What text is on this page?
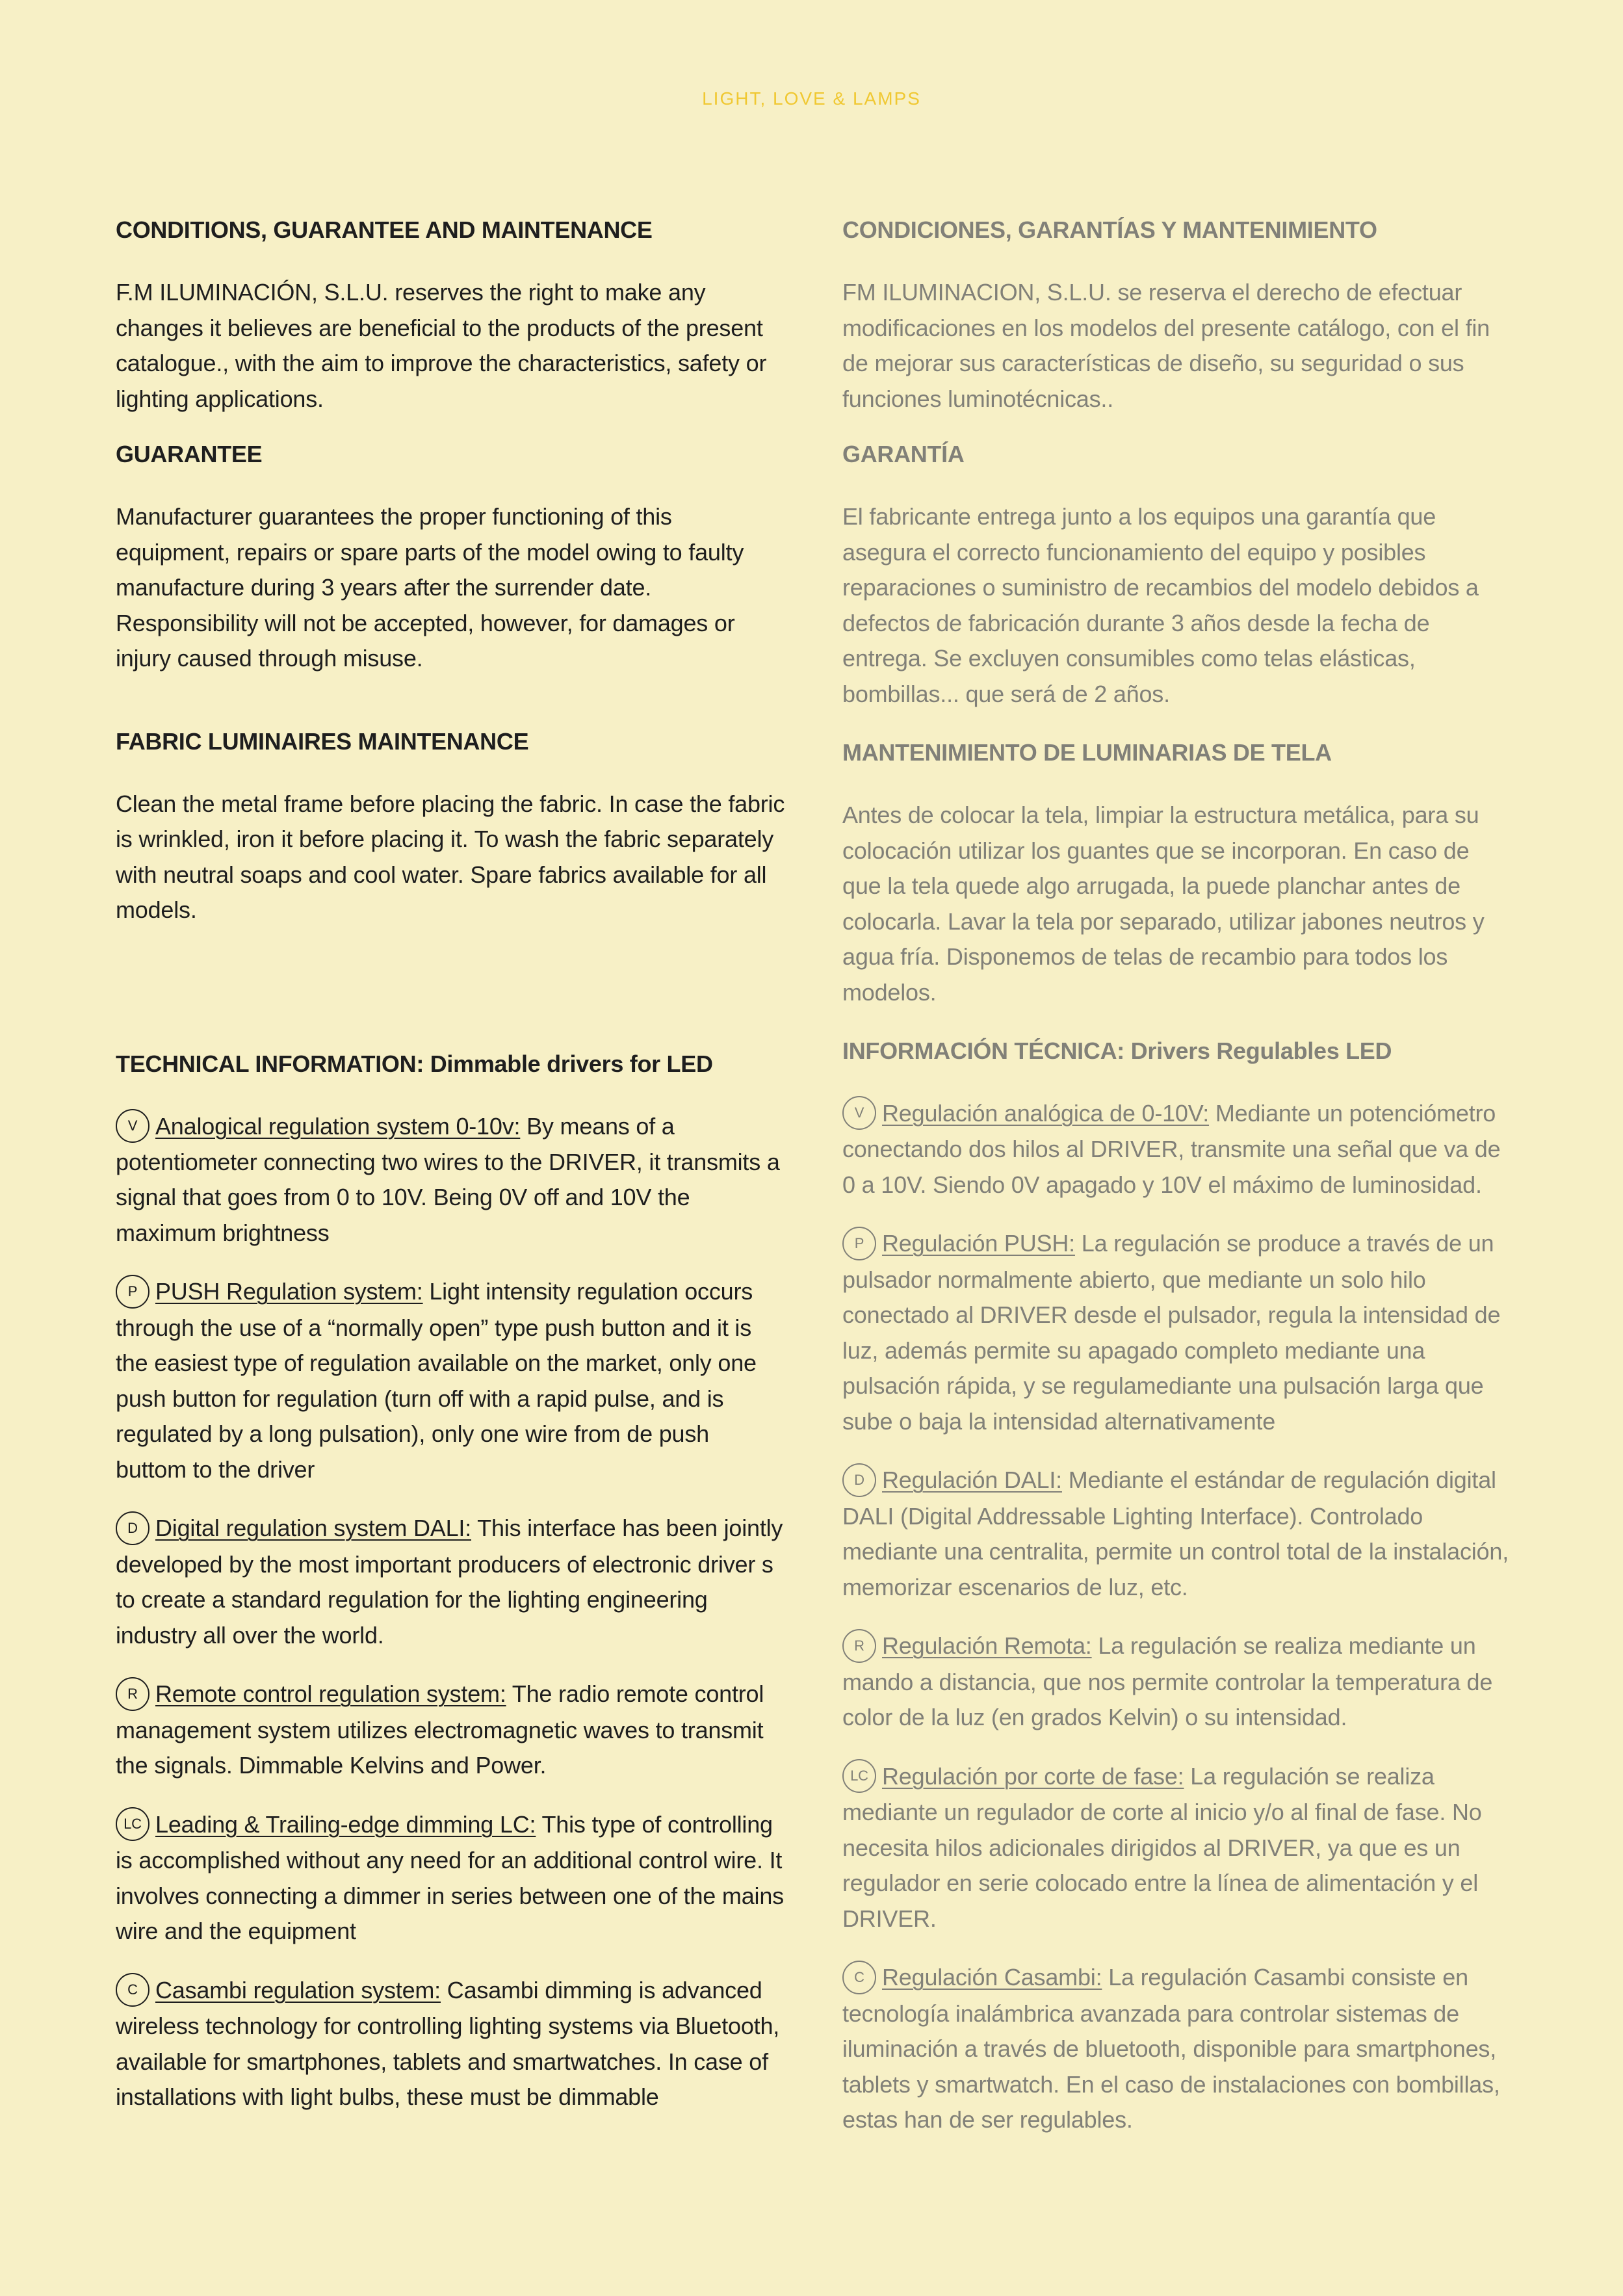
LIGHT, LOVE & LAMPS
CONDITIONS, GUARANTEE AND MAINTENANCE
F.M ILUMINACIÓN, S.L.U. reserves the right to make any changes it believes are beneficial to the products of the present catalogue., with the aim to improve the characteristics, safety or lighting applications.
GUARANTEE
Manufacturer guarantees the proper functioning of this equipment, repairs or spare parts of the model owing to faulty manufacture during 3 years after the surrender date. Responsibility will not be accepted, however, for damages or injury caused through misuse.
FABRIC LUMINAIRES MAINTENANCE
Clean the metal frame before placing the fabric. In case the fabric is wrinkled, iron it before placing it. To wash the fabric separately with neutral soaps and cool water. Spare fabrics available for all models.
TECHNICAL INFORMATION: Dimmable drivers for LED
V Analogical regulation system 0-10v: By means of a potentiometer connecting two wires to the DRIVER, it transmits a signal that goes from 0 to 10V. Being 0V off and 10V the maximum brightness
P PUSH Regulation system: Light intensity regulation occurs through the use of a “normally open” type push button and it is the easiest type of regulation available on the market, only one push button for regulation (turn off with a rapid pulse, and is regulated by a long pulsation), only one wire from de push buttom to the driver
D Digital regulation system DALI: This interface has been jointly developed by the most important producers of electronic driver s to create a standard regulation for the lighting engineering industry all over the world.
R Remote control regulation system: The radio remote control management system utilizes electromagnetic waves to transmit the signals. Dimmable Kelvins and Power.
LC Leading & Trailing-edge dimming LC: This type of controlling is accomplished without any need for an additional control wire. It involves connecting a dimmer in series between one of the mains wire and the equipment
C Casambi regulation system: Casambi dimming is advanced wireless technology for controlling lighting systems via Bluetooth, available for smartphones, tablets and smartwatches. In case of installations with light bulbs, these must be dimmable
CONDICIONES, GARANTÍAS Y MANTENIMIENTO
FM ILUMINACION, S.L.U. se reserva el derecho de efectuar modificaciones en los modelos del presente catálogo, con el fin de mejorar sus características de diseño, su seguridad o sus funciones luminotécnicas..
GARANTÍA
El fabricante entrega junto a los equipos una garantía que asegura el correcto funcionamiento del equipo y posibles reparaciones o suministro de recambios del modelo debidos a defectos de fabricación durante 3 años desde la fecha de entrega. Se excluyen consumibles como telas elásticas, bombillas... que será de 2 años.
MANTENIMIENTO DE LUMINARIAS DE TELA
Antes de colocar la tela, limpiar la estructura metálica, para su colocación utilizar los guantes que se incorporan. En caso de que la tela quede algo arrugada, la puede planchar antes de colocarla. Lavar la tela por separado, utilizar jabones neutros y agua fría. Disponemos de telas de recambio para todos los modelos.
INFORMACIÓN TÉCNICA: Drivers Regulables LED
V Regulación analógica de 0-10V: Mediante un potenciómetro conectando dos hilos al DRIVER, transmite una señal que va de 0 a 10V. Siendo 0V apagado y 10V el máximo de luminosidad.
P Regulación PUSH: La regulación se produce a través de un pulsador normalmente abierto, que mediante un solo hilo conectado al DRIVER desde el pulsador, regula la intensidad de luz, además permite su apagado completo mediante una pulsación rápida, y se regulamediante una pulsación larga que sube o baja la intensidad alternativamente
D Regulación DALI: Mediante el estándar de regulación digital DALI (Digital Addressable Lighting Interface). Controlado mediante una centralita, permite un control total de la instalación, memorizar escenarios de luz, etc.
R Regulación Remota: La regulación se realiza mediante un mando a distancia, que nos permite controlar la temperatura de color de la luz (en grados Kelvin) o su intensidad.
LC Regulación por corte de fase: La regulación se realiza mediante un regulador de corte al inicio y/o al final de fase. No necesita hilos adicionales dirigidos al DRIVER, ya que es un regulador en serie colocado entre la línea de alimentación y el DRIVER.
C Regulación Casambi: La regulación Casambi consiste en tecnología inalámbrica avanzada para controlar sistemas de iluminación a través de bluetooth, disponible para smartphones, tablets y smartwatch. En el caso de instalaciones con bombillas, estas han de ser regulables.
